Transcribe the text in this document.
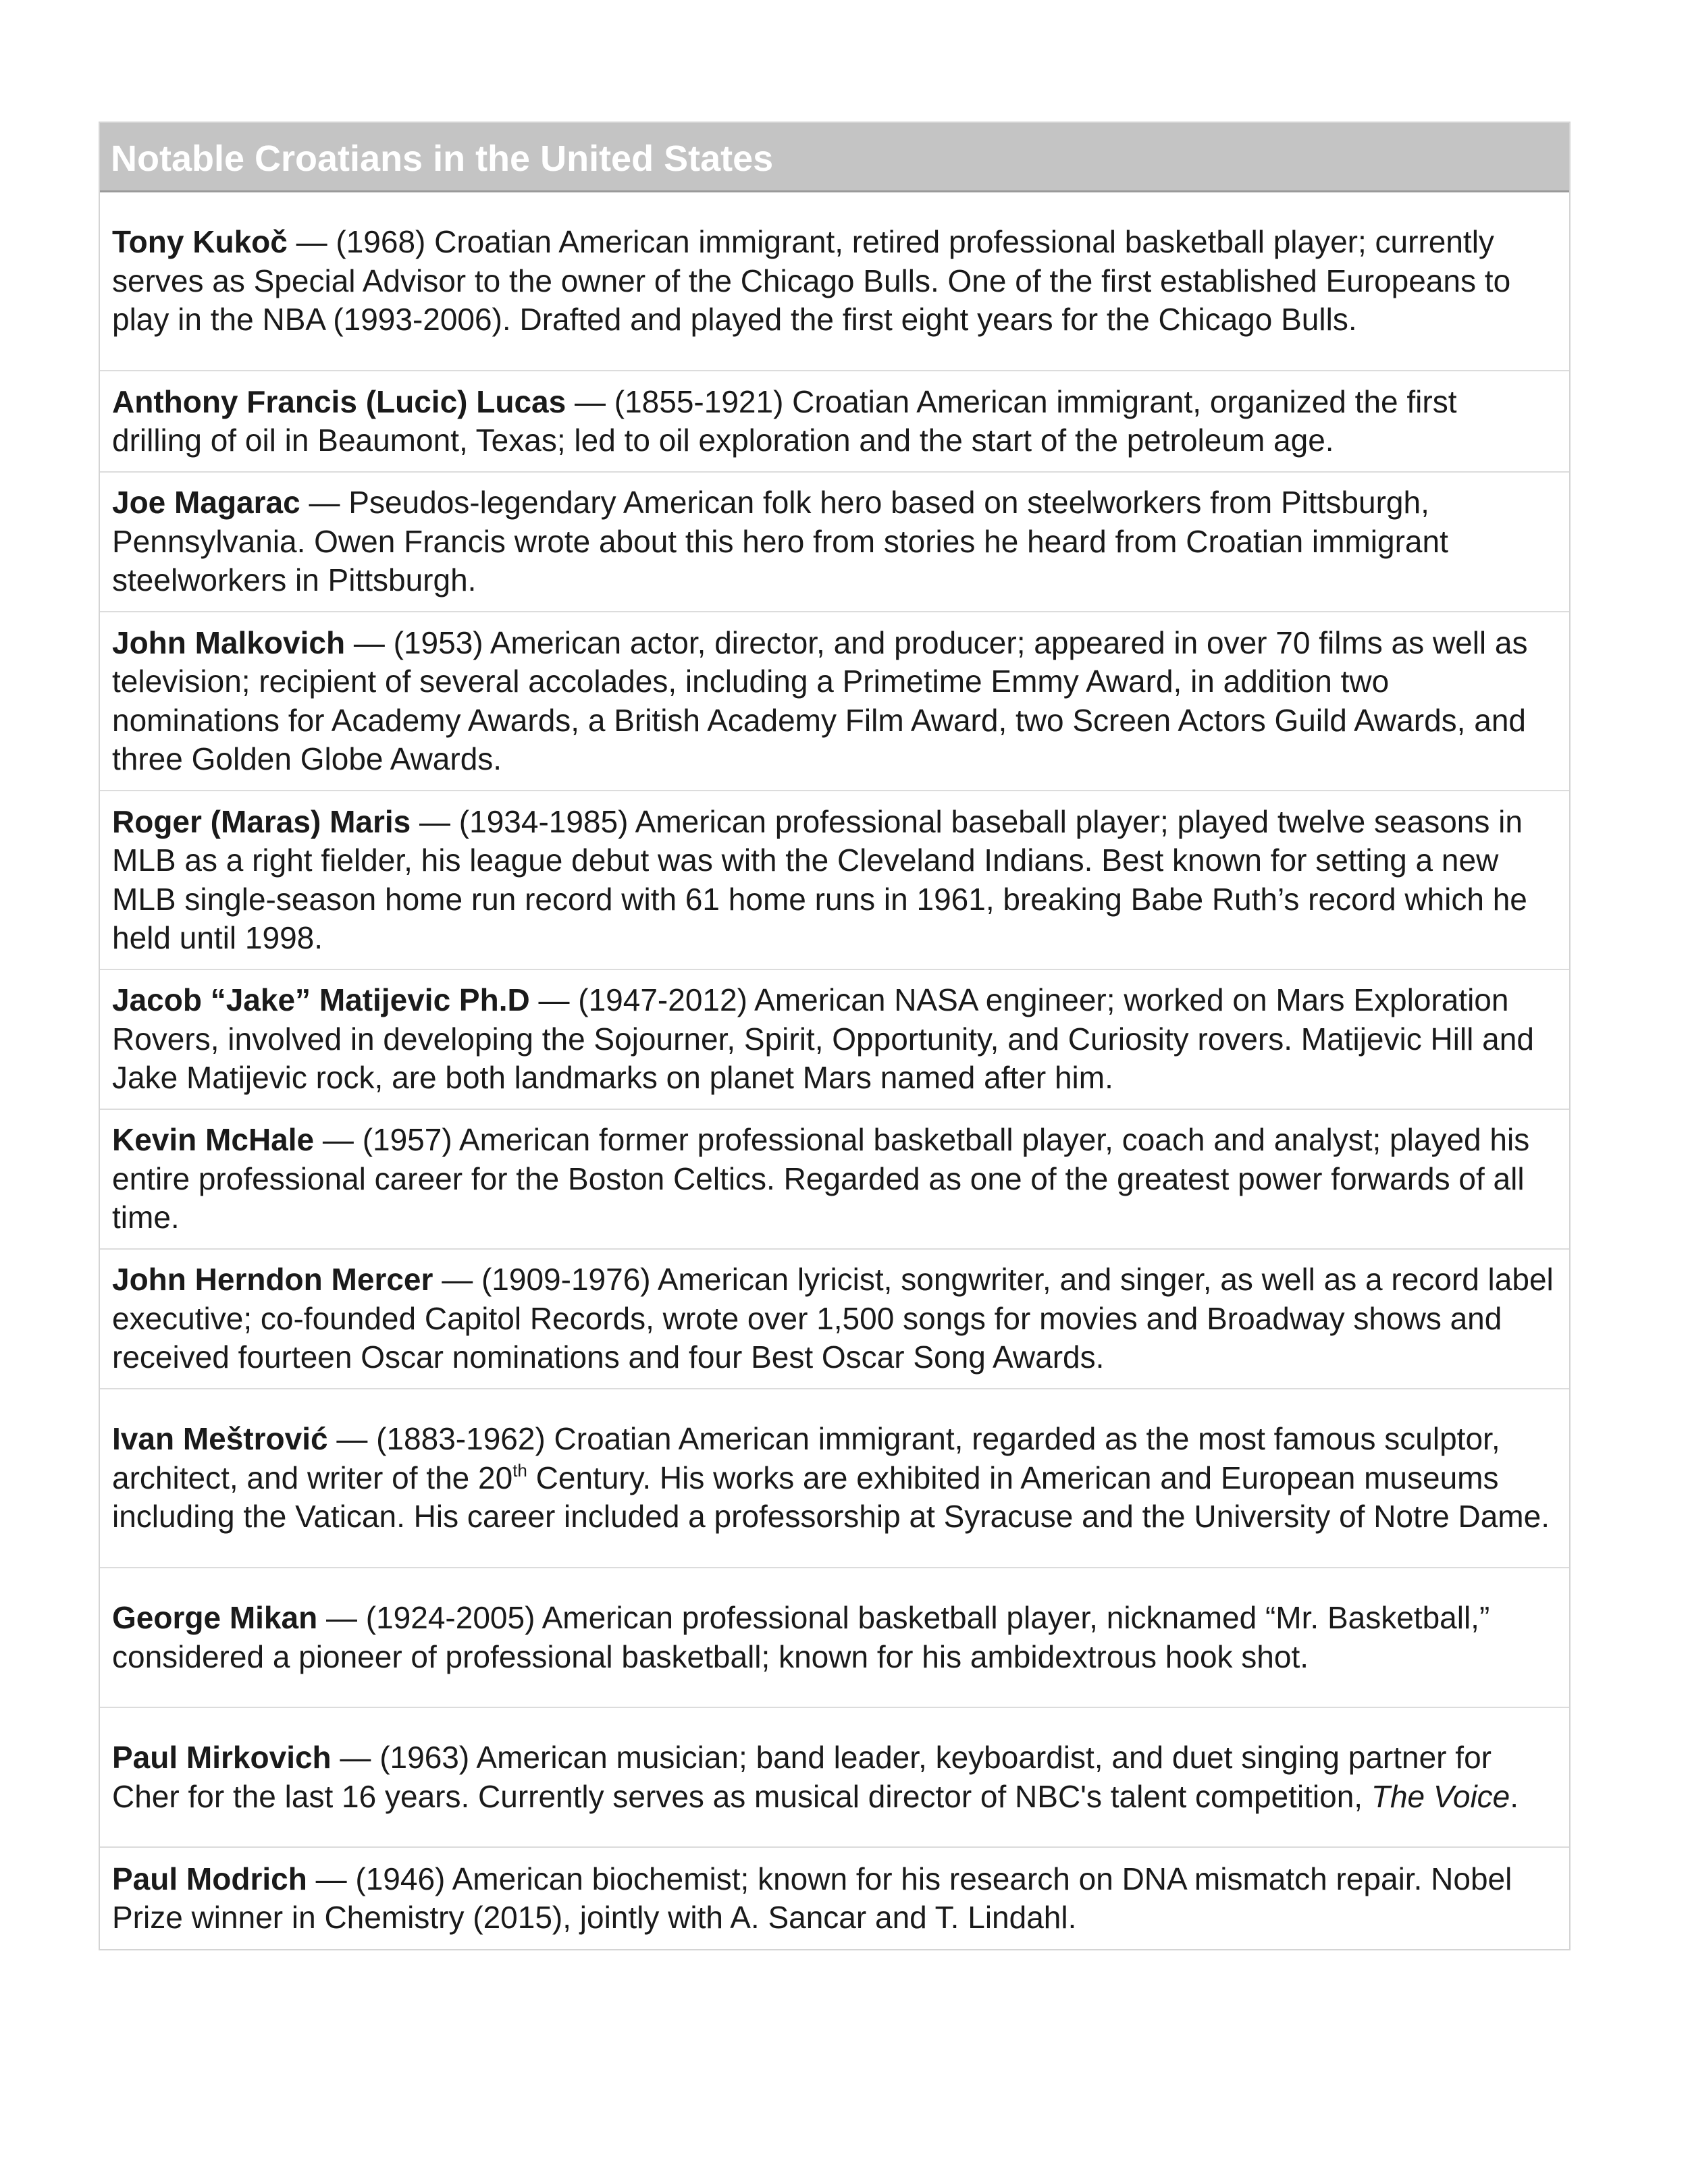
Notable Croatians in the United States

Tony Kukoč — (1968) Croatian American immigrant, retired professional basketball player; currently serves as Special Advisor to the owner of the Chicago Bulls. One of the first established Europeans to play in the NBA (1993-2006). Drafted and played the first eight years for the Chicago Bulls.

Anthony Francis (Lucic) Lucas — (1855-1921) Croatian American immigrant, organized the first drilling of oil in Beaumont, Texas; led to oil exploration and the start of the petroleum age.

Joe Magarac — Pseudos-legendary American folk hero based on steelworkers from Pittsburgh, Pennsylvania. Owen Francis wrote about this hero from stories he heard from Croatian immigrant steelworkers in Pittsburgh.

John Malkovich — (1953) American actor, director, and producer; appeared in over 70 films as well as television; recipient of several accolades, including a Primetime Emmy Award, in addition two nominations for Academy Awards, a British Academy Film Award, two Screen Actors Guild Awards, and three Golden Globe Awards.

Roger (Maras) Maris — (1934-1985) American professional baseball player; played twelve seasons in MLB as a right fielder, his league debut was with the Cleveland Indians. Best known for setting a new MLB single-season home run record with 61 home runs in 1961, breaking Babe Ruth’s record which he held until 1998.

Jacob “Jake” Matijevic Ph.D — (1947-2012) American NASA engineer; worked on Mars Exploration Rovers, involved in developing the Sojourner, Spirit, Opportunity, and Curiosity rovers. Matijevic Hill and Jake Matijevic rock, are both landmarks on planet Mars named after him.

Kevin McHale — (1957) American former professional basketball player, coach and analyst; played his entire professional career for the Boston Celtics. Regarded as one of the greatest power forwards of all time.

John Herndon Mercer — (1909-1976) American lyricist, songwriter, and singer, as well as a record label executive; co-founded Capitol Records, wrote over 1,500 songs for movies and Broadway shows and received fourteen Oscar nominations and four Best Oscar Song Awards.

Ivan Meštrović — (1883-1962) Croatian American immigrant, regarded as the most famous sculptor, architect, and writer of the 20th Century. His works are exhibited in American and European museums including the Vatican. His career included a professorship at Syracuse and the University of Notre Dame.

George Mikan — (1924-2005) American professional basketball player, nicknamed “Mr. Basketball,” considered a pioneer of professional basketball; known for his ambidextrous hook shot.

Paul Mirkovich — (1963) American musician; band leader, keyboardist, and duet singing partner for Cher for the last 16 years. Currently serves as musical director of NBC's talent competition, The Voice.

Paul Modrich — (1946) American biochemist; known for his research on DNA mismatch repair. Nobel Prize winner in Chemistry (2015), jointly with A. Sancar and T. Lindahl.
